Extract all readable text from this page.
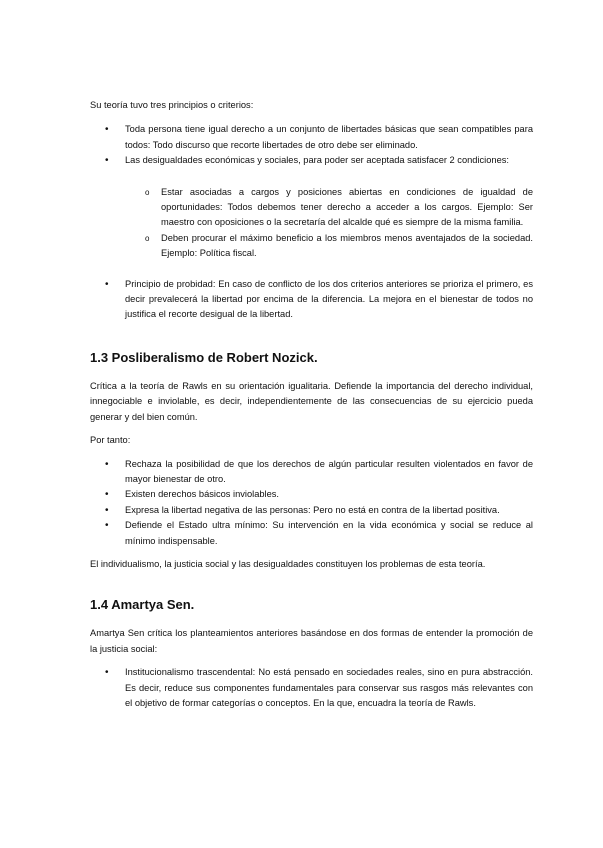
Su teoría tuvo tres principios o criterios:

• Toda persona tiene igual derecho a un conjunto de libertades básicas que sean compatibles para todos: Todo discurso que recorte libertades de otro debe ser eliminado.
• Las desigualdades económicas y sociales, para poder ser aceptada satisfacer 2 condiciones:
o Estar asociadas a cargos y posiciones abiertas en condiciones de igualdad de oportunidades: Todos debemos tener derecho a acceder a los cargos. Ejemplo: Ser maestro con oposiciones o la secretaría del alcalde qué es siempre de la misma familia.
o Deben procurar el máximo beneficio a los miembros menos aventajados de la sociedad. Ejemplo: Política fiscal.
• Principio de probidad: En caso de conflicto de los dos criterios anteriores se prioriza el primero, es decir prevalecerá la libertad por encima de la diferencia. La mejora en el bienestar de todos no justifica el recorte desigual de la libertad.
1.3 Posliberalismo de Robert Nozick.

Crítica a la teoría de Rawls en su orientación igualitaria. Defiende la importancia del derecho individual, innegociable e inviolable, es decir, independientemente de las consecuencias de su ejercicio pueda generar y del bien común.

Por tanto:

• Rechaza la posibilidad de que los derechos de algún particular resulten violentados en favor de mayor bienestar de otro.
• Existen derechos básicos inviolables.
• Expresa la libertad negativa de las personas: Pero no está en contra de la libertad positiva.
• Defiende el Estado ultra mínimo: Su intervención en la vida económica y social se reduce al mínimo indispensable.

El individualismo, la justicia social y las desigualdades constituyen los problemas de esta teoría.

1.4 Amartya Sen.

Amartya Sen crítica los planteamientos anteriores basándose en dos formas de entender la promoción de la justicia social:

• Institucionalismo trascendental: No está pensado en sociedades reales, sino en pura abstracción. Es decir, reduce sus componentes fundamentales para conservar sus rasgos más relevantes con el objetivo de formar categorías o conceptos. En la que, encuadra la teoría de Rawls.
